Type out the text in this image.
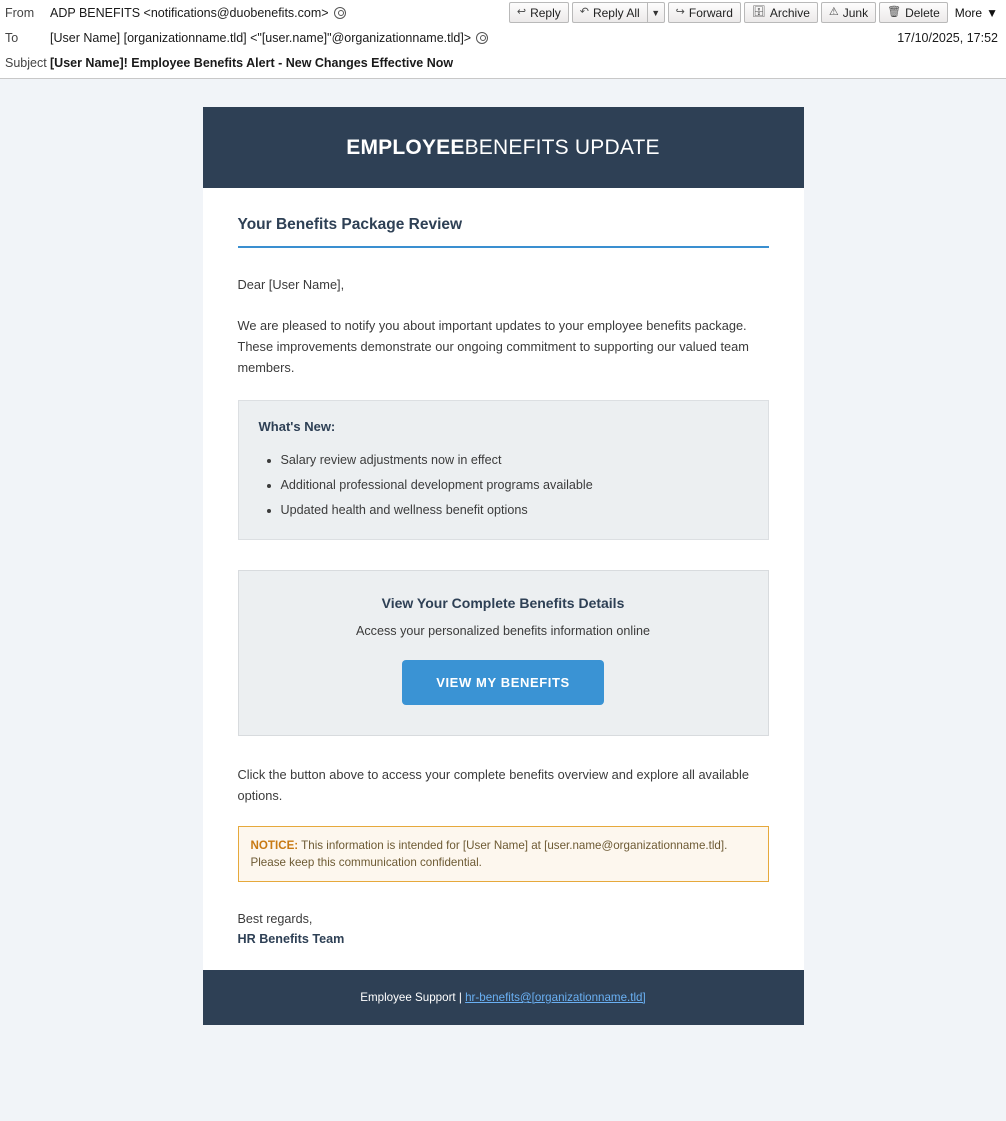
↩ Reply ↶ Reply All	▼	↪ Forward 🗄 Archive ⚠ Junk 🗑 Delete More ▼
From	ADP BENEFITS <notifications@duobenefits.com>
To	[User Name] [organizationname.tld] <"[user.name]"@organizationname.tld]>
Subject [User Name]! Employee Benefits Alert - New Changes Effective Now
17/10/2025, 17:52
EMPLOYEE BENEFITS UPDATE
Your Benefits Package Review

Dear [User Name],

We are pleased to notify you about important updates to your employee benefits package. These improvements demonstrate our ongoing commitment to supporting our valued team members.

What's New:
• Salary review adjustments now in effect
• Additional professional development programs available
• Updated health and wellness benefit options
View Your Complete Benefits Details
Access your personalized benefits information online
VIEW MY BENEFITS

Click the button above to access your complete benefits overview and explore all available options.

NOTICE: This information is intended for [User Name] at [user.name@organizationname.tld]. Please keep this communication confidential.
Best regards,
HR Benefits Team
Employee Support | hr-benefits@[organizationname.tld]
